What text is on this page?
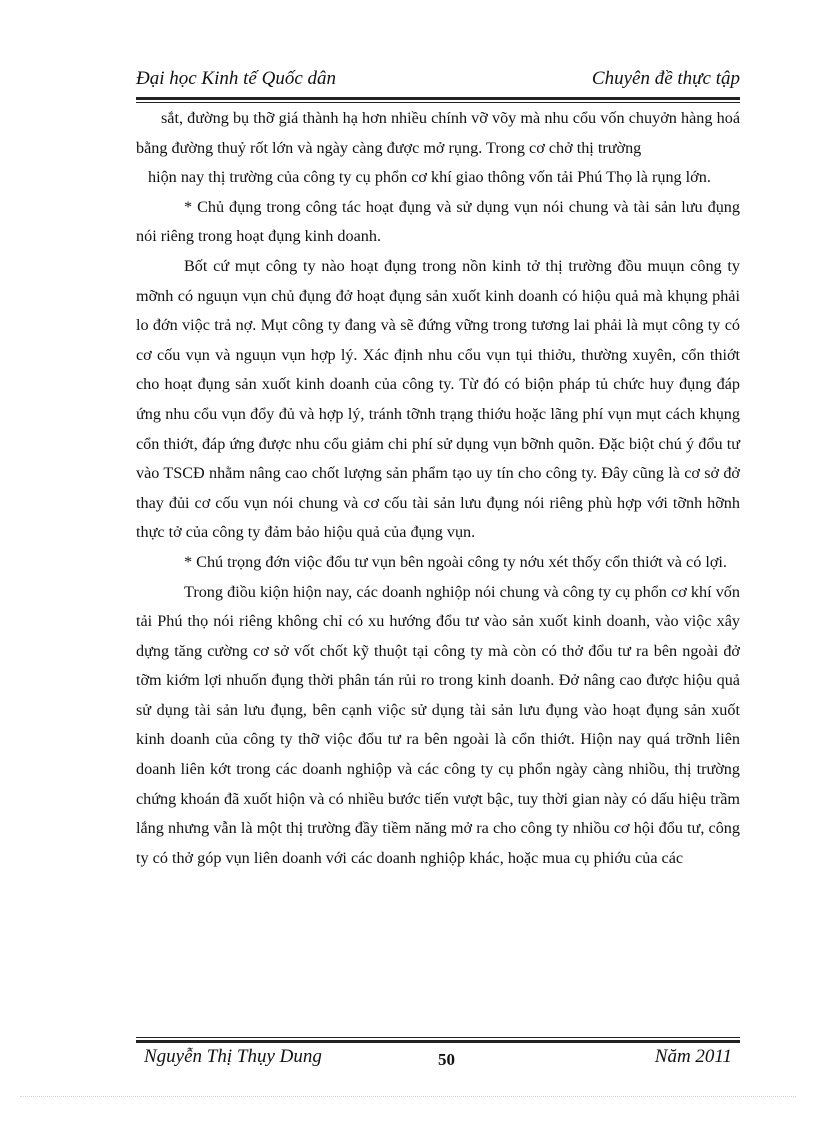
Đại học Kinh tế Quốc dân	Chuyên đề thực tập

sắt, đường bụ thỡ giá thành hạ hơn nhiều chính vỡ võy mà nhu cổu vốn chuyởn hàng hoá bằng đường thuỷ rốt lớn và ngày càng được mở rụng. Trong cơ chở thị trường

hiộn nay thị trường của công ty cụ phổn cơ khí giao thông vốn tải Phú Thọ là rụng lớn.

* Chủ đụng trong công tác hoạt đụng và sử dụng vụn nói chung và tài sản lưu đụng nói riêng trong hoạt đụng kinh doanh.

Bốt cứ mụt công ty nào hoạt đụng trong nồn kinh tở thị trường đồu muụn công ty mỡnh có nguụn vụn chủ đụng đở hoạt đụng sản xuốt kinh doanh có hiộu quả mà khụng phải lo đớn viộc trả nợ. Mụt công ty đang và sẽ đứng vững trong tương lai phải là mụt công ty có cơ cốu vụn và nguụn vụn hợp lý. Xác định nhu cổu vụn tụi thiởu, thường xuyên, cổn thiớt cho hoạt đụng sản xuốt kinh doanh của công ty. Từ đó có biộn pháp tủ chức huy đụng đáp ứng nhu cổu vụn đổy đủ và hợp lý, tránh tỡnh trạng thiớu hoặc lãng phí vụn mụt cách khụng cổn thiớt, đáp ứng được nhu cổu giảm chi phí sử dụng vụn bỡnh quõn. Đặc biột chú ý đổu tư vào TSCĐ nhằm nâng cao chốt lượng sản phẩm tạo uy tín cho công ty. Đây cũng là cơ sở đở thay đủi cơ cốu vụn nói chung và cơ cốu tài sản lưu đụng nói riêng phù hợp với tỡnh hỡnh thực tở của công ty đảm bảo hiộu quả của đụng vụn.

* Chú trọng đớn viộc đổu tư vụn bên ngoài công ty nớu xét thốy cổn thiớt và có lợi.

Trong điồu kiộn hiộn nay, các doanh nghiộp nói chung và công ty cụ phổn cơ khí vốn tải Phú thọ nói riêng không chỉ có xu hướng đổu tư vào sản xuốt kinh doanh, vào viộc xây dựng tăng cường cơ sở vốt chốt kỹ thuột tại công ty mà còn có thở đổu tư ra bên ngoài đở tỡm kiớm lợi nhuốn đụng thời phân tán rủi ro trong kinh doanh. Đở nâng cao được hiộu quả sử dụng tài sản lưu đụng, bên cạnh viộc sử dụng tài sản lưu đụng vào hoạt đụng sản xuốt kinh doanh của công ty thỡ viộc đổu tư ra bên ngoài là cổn thiớt. Hiộn nay quá trỡnh liên doanh liên kớt trong các doanh nghiộp và các công ty cụ phổn ngày càng nhiồu, thị trường chứng khoán đã xuốt hiộn và có nhiều bước tiến vượt bậc, tuy thời gian này có dấu hiệu trầm lắng nhưng vẫn là một thị trường đầy tiềm năng mở ra cho công ty nhiồu cơ hội đổu tư, công ty có thở góp vụn liên doanh với các doanh nghiộp khác, hoặc mua cụ phiớu của các

Nguyễn Thị Thụy Dung	50	Năm 2011
